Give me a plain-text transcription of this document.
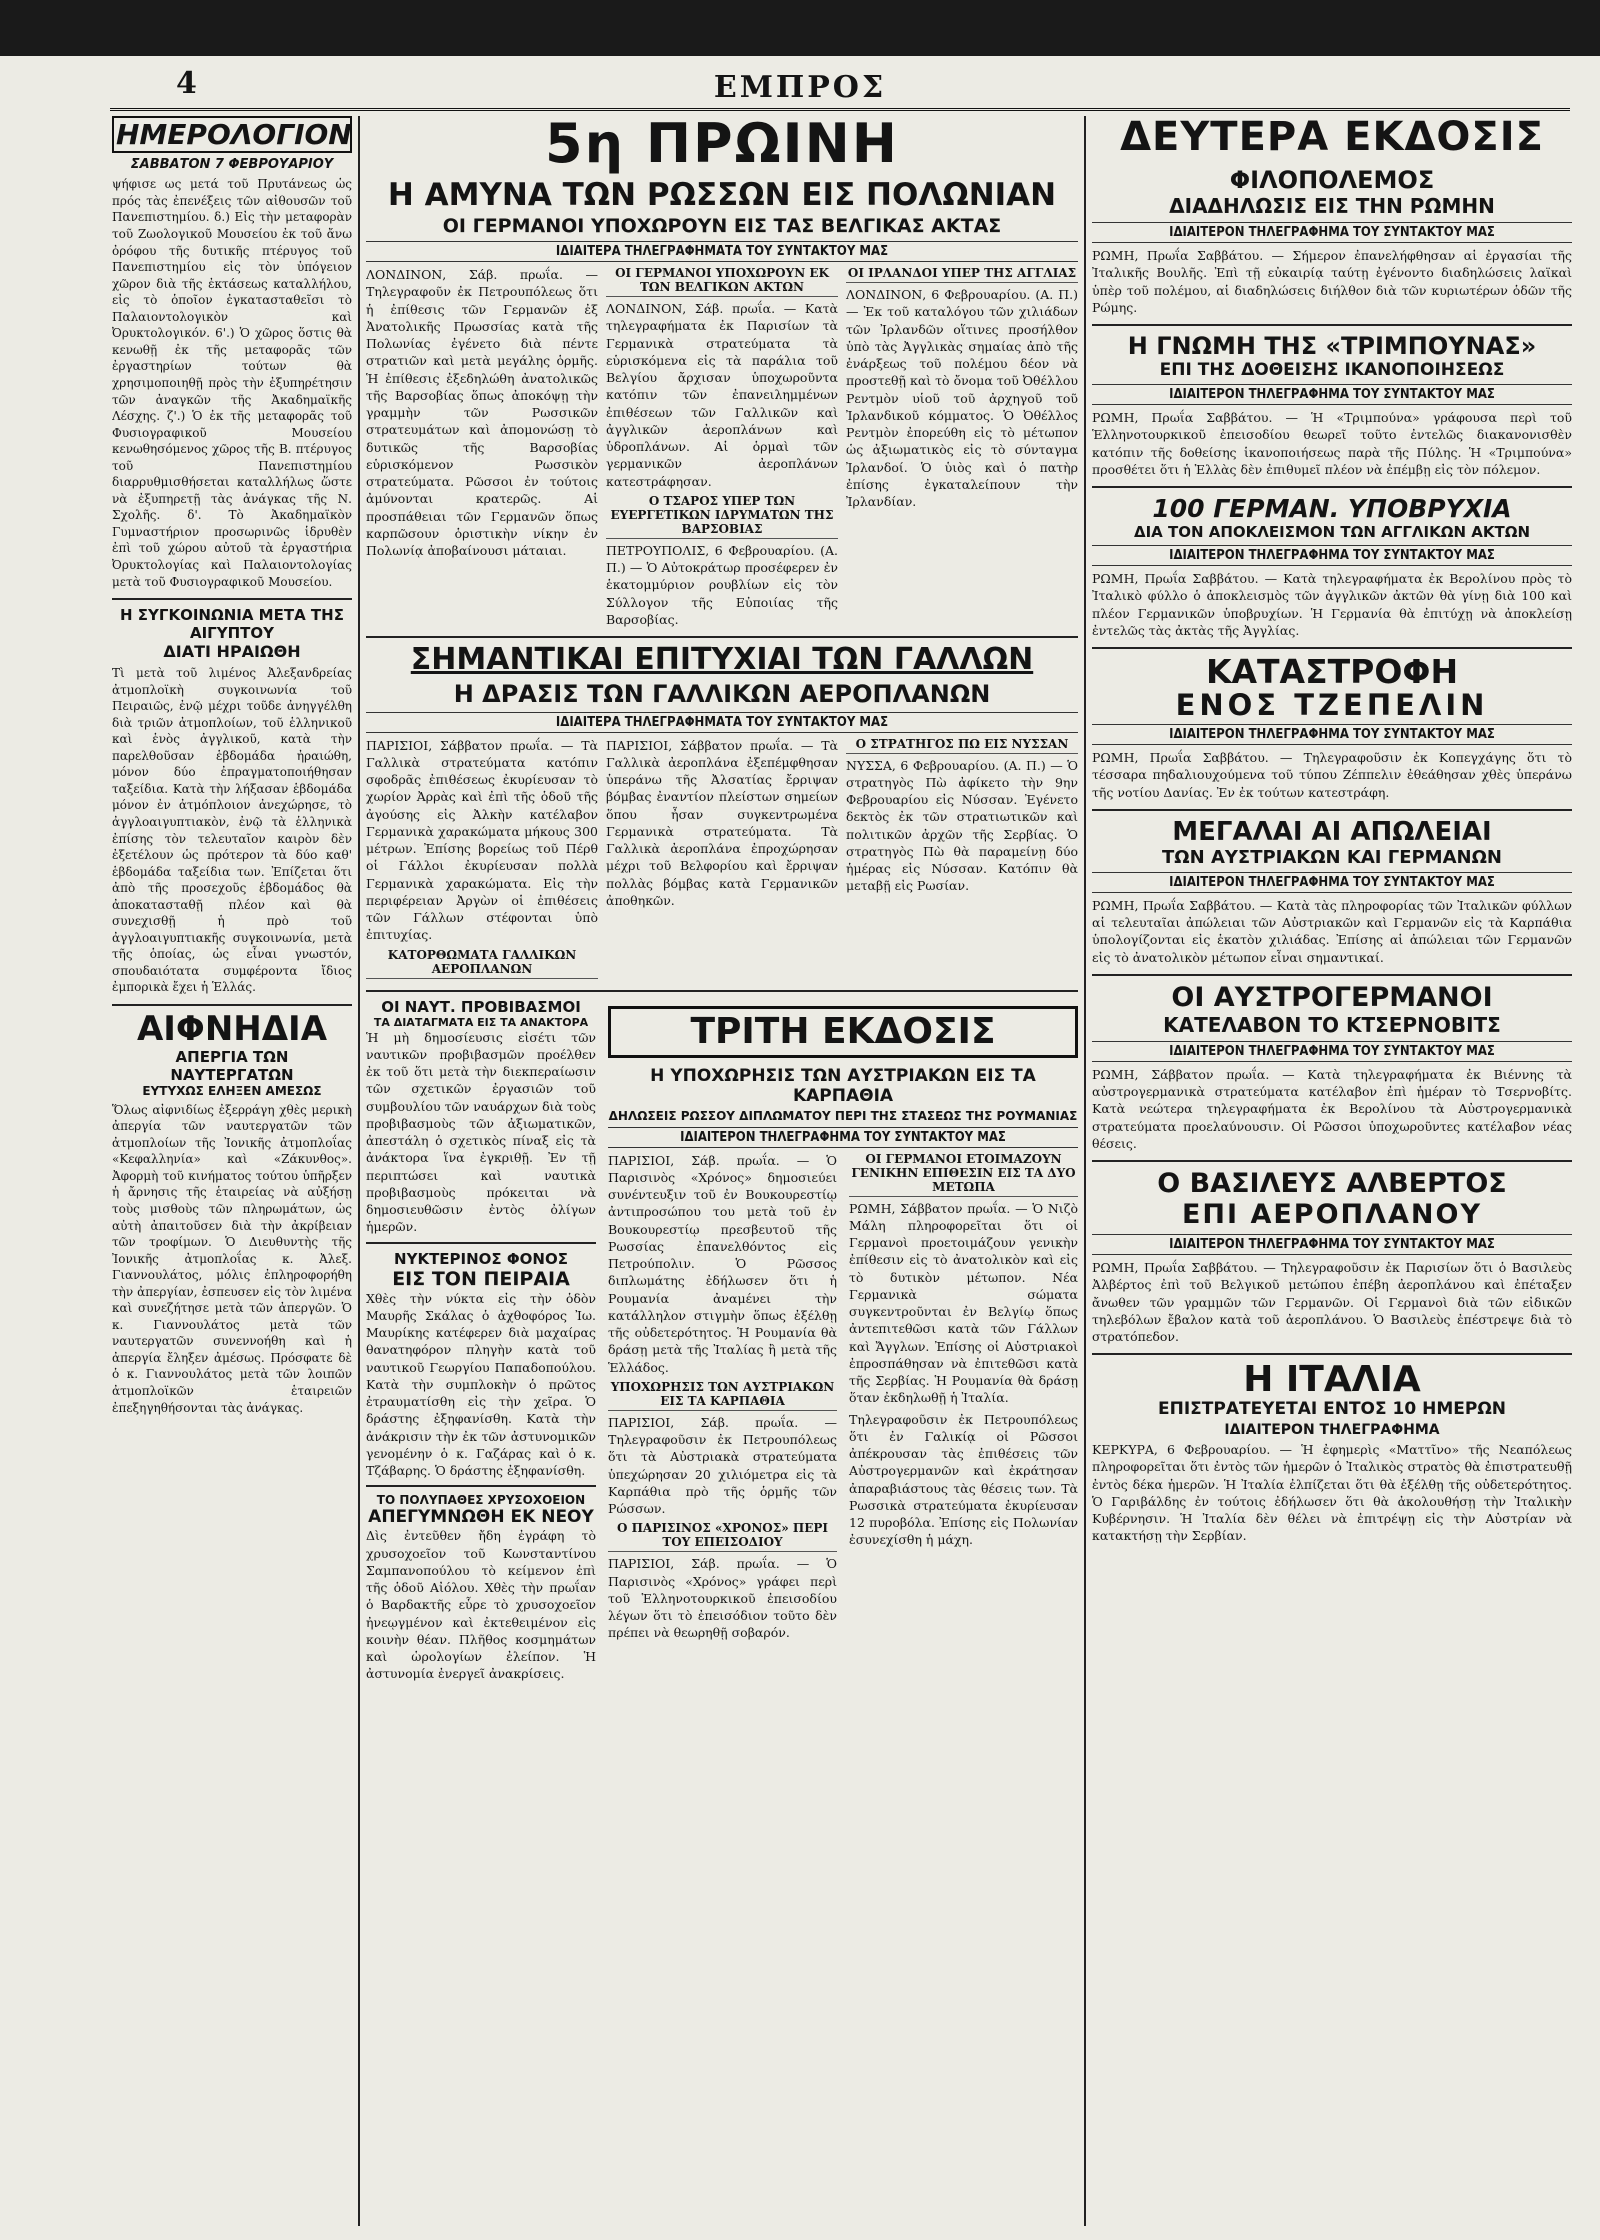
4	ΕΜΠΡΟΣ
ΗΜΕΡΟΛΟΓΙΟΝ
ΣΑΒΒΑΤΟΝ 7 ΦΕΒΡΟΥΑΡΙΟΥ
ψήφισε ως μετά τοῦ Πρυτάνεως ὡς πρός τὰς ἐπενέξεις τῶν αἰθουσῶν τοῦ Πανεπιστημίου. δ.) Εἰς τὴν μεταφορὰν τοῦ Ζωολογικοῦ Μουσείου ἐκ τοῦ ἄνω ὀρόφου τῆς δυτικῆς πτέρυγος τοῦ Πανεπιστημίου εἰς τὸν ὑπόγειον χῶρον διὰ τῆς ἐκτάσεως καταλλήλου, εἰς τὸ ὁποῖον ἐγκατασταθεῖσι τὸ Παλαιοντολογικὸν καὶ Ὀρυκτολογικόν. 6'.) Ὁ χῶρος ὅστις θὰ κενωθῇ ἐκ τῆς μεταφορᾶς τῶν ἐργαστηρίων τούτων θὰ χρησιμοποιηθῇ πρὸς τὴν ἐξυπηρέτησιν τῶν ἀναγκῶν τῆς Ἀκαδημαϊκῆς Λέσχης. ζ'.) Ὁ ἐκ τῆς μεταφορᾶς τοῦ Φυσιογραφικοῦ Μουσείου κενωθησόμενος χῶρος τῆς Β. πτέρυγος τοῦ Πανεπιστημίου διαρρυθμισθήσεται καταλλήλως ὥστε νὰ ἐξυπηρετῇ τὰς ἀνάγκας τῆς Ν. Σχολῆς. δ'. Τὸ Ἀκαδημαϊκὸν Γυμναστήριον προσωρινῶς ἱδρυθὲν ἐπὶ τοῦ χώρου αὐτοῦ τὰ ἐργαστήρια Ὀρυκτολογίας καὶ Παλαιοντολογίας μετὰ τοῦ Φυσιογραφικοῦ Μουσείου.
Η ΣΥΓΚΟΙΝΩΝΙΑ ΜΕΤΑ ΤΗΣ ΑΙΓΥΠΤΟΥ
ΔΙΑΤΙ ΗΡΑΙΩΘΗ
Τὶ μετὰ τοῦ λιμένος Ἀλεξανδρείας ἀτμοπλοϊκὴ συγκοινωνία τοῦ Πειραιῶς, ἐνῷ μέχρι τοῦδε ἀνηγγέλθη διὰ τριῶν ἀτμοπλοίων, τοῦ ἑλληνικοῦ καὶ ἑνὸς ἀγγλικοῦ, κατὰ τὴν παρελθοῦσαν ἑβδομάδα ἠραιώθη, μόνον δύο ἐπραγματοποιήθησαν ταξείδια. Κατὰ τὴν λήξασαν ἑβδομάδα μόνον ἐν ἀτμόπλοιον ἀνεχώρησε, τὸ ἀγγλοαιγυπτιακὸν, ἐνῷ τὰ ἑλληνικὰ ἐπίσης τὸν τελευταῖον καιρὸν δὲν ἐξετέλουν ὡς πρότερον τὰ δύο καθ' ἑβδομάδα ταξείδια των. Ἐπίζεται ὅτι ἀπὸ τῆς προσεχοῦς ἑβδομάδος θὰ ἀποκατασταθῇ πλέον καὶ θὰ συνεχισθῇ ἡ πρὸ τοῦ ἀγγλοαιγυπτιακῆς συγκοινωνία, μετὰ τῆς ὁποίας, ὡς εἶναι γνωστόν, σπουδαιότατα συμφέροντα ἴδιος ἐμπορικὰ ἔχει ἡ Ἑλλάς.
ΑΙΦΝΗΔΙΑ
ΑΠΕΡΓΙΑ ΤΩΝ ΝΑΥΤΕΡΓΑΤΩΝ
ΕΥΤΥΧΩΣ ΕΛΗΞΕΝ ΑΜΕΣΩΣ
Ὅλως αἰφνιδίως ἐξερράγη χθὲς μερικὴ ἀπεργία τῶν ναυτεργατῶν τῶν ἀτμοπλοίων τῆς Ἰονικῆς ἀτμοπλοΐας «Κεφαλληνία» καὶ «Ζάκυνθος». Ἀφορμὴ τοῦ κινήματος τούτου ὑπῆρξεν ἡ ἄρνησις τῆς ἑταιρείας νὰ αὐξήσῃ τοὺς μισθοὺς τῶν πληρωμάτων, ὡς αὐτὴ ἀπαιτοῦσεν διὰ τὴν ἀκρίβειαν τῶν τροφίμων. Ὁ Διευθυντὴς τῆς Ἰονικῆς ἀτμοπλοΐας κ. Ἀλεξ. Γιαννουλάτος, μόλις ἐπληροφορήθη τὴν ἀπεργίαν, ἐσπευσεν εἰς τὸν λιμένα καὶ συνεζήτησε μετὰ τῶν ἀπεργῶν. Ὁ κ. Γιαννουλάτος μετὰ τῶν ναυτεργατῶν συνεννοήθη καὶ ἡ ἀπεργία ἔληξεν ἀμέσως. Πρόσφατε δὲ ὁ κ. Γιαννουλάτος μετὰ τῶν λοιπῶν ἀτμοπλοϊκῶν ἑταιρειῶν ἐπεξηγηθήσονται τὰς ἀνάγκας.
5η ΠΡΩΙΝΗ
Η ΑΜΥΝΑ ΤΩΝ ΡΩΣΣΩΝ ΕΙΣ ΠΟΛΩΝΙΑΝ
ΟΙ ΓΕΡΜΑΝΟΙ ΥΠΟΧΩΡΟΥΝ ΕΙΣ ΤΑΣ ΒΕΛΓΙΚΑΣ ΑΚΤΑΣ
ΙΔΙΑΙΤΕΡΑ ΤΗΛΕΓΡΑΦΗΜΑΤΑ ΤΟΥ ΣΥΝΤΑΚΤΟΥ ΜΑΣ
ΛΟΝΔΙΝΟΝ, Σάβ. πρωΐα. — Τηλεγραφοῦν ἐκ Πετρουπόλεως ὅτι ἡ ἐπίθεσις τῶν Γερμανῶν ἐξ Ἀνατολικῆς Πρωσσίας κατὰ τῆς Πολωνίας ἐγένετο διὰ πέντε στρατιῶν καὶ μετὰ μεγάλης ὁρμῆς. Ἡ ἐπίθεσις ἐξεδηλώθη ἀνατολικῶς τῆς Βαρσοβίας ὅπως ἀποκόψῃ τὴν γραμμὴν τῶν Ρωσσικῶν στρατευμάτων καὶ ἀπομονώσῃ τὸ δυτικῶς τῆς Βαρσοβίας εὑρισκόμενον Ρωσσικὸν στρατεύματα. Ρῶσσοι ἐν τούτοις ἀμύνονται κρατερῶς. Αἱ προσπάθειαι τῶν Γερμανῶν ὅπως καρπῶσουν ὁριστικὴν νίκην ἐν Πολωνίᾳ ἀποβαίνουσι μάταιαι.
ΟΙ ΓΕΡΜΑΝΟΙ ΥΠΟΧΩΡΟΥΝ ΕΚ ΤΩΝ ΒΕΛΓΙΚΩΝ ΑΚΤΩΝ
ΛΟΝΔΙΝΟΝ, Σάβ. πρωΐα. — Κατὰ τηλεγραφήματα ἐκ Παρισίων τὰ Γερμανικὰ στρατεύματα τὰ εὑρισκόμενα εἰς τὰ παράλια τοῦ Βελγίου ἄρχισαν ὑποχωροῦντα κατόπιν τῶν ἐπανειλημμένων ἐπιθέσεων τῶν Γαλλικῶν καὶ ἀγγλικῶν ἀεροπλάνων καὶ ὑδροπλάνων. Αἱ ὁρμαὶ τῶν γερμανικῶν ἀεροπλάνων κατεστράφησαν.
Ο ΤΣΑΡΟΣ ΥΠΕΡ ΤΩΝ ΕΥΕΡΓΕΤΙΚΩΝ ΙΔΡΥΜΑΤΩΝ ΤΗΣ ΒΑΡΣΟΒΙΑΣ
ΠΕΤΡΟΥΠΟΛΙΣ, 6 Φεβρουαρίου. (Α. Π.) — Ὁ Αὐτοκράτωρ προσέφερεν ἐν ἑκατομμύριον ρουβλίων εἰς τὸν Σύλλογον τῆς Εὐποιίας τῆς Βαρσοβίας.
ΟΙ ΙΡΛΑΝΔΟΙ ΥΠΕΡ ΤΗΣ ΑΓΓΛΙΑΣ
ΛΟΝΔΙΝΟΝ, 6 Φεβρουαρίου. (Α. Π.) — Ἐκ τοῦ καταλόγου τῶν χιλιάδων τῶν Ἰρλανδῶν οἵτινες προσήλθον ὑπὸ τὰς Ἀγγλικὰς σημαίας ἀπὸ τῆς ἐνάρξεως τοῦ πολέμου δέον νὰ προστεθῇ καὶ τὸ ὄνομα τοῦ Ὀθέλλου Ρεντμὸν υἱοῦ τοῦ ἀρχηγοῦ τοῦ Ἰρλανδικοῦ κόμματος. Ὁ Ὀθέλλος Ρεντμὸν ἐπορεύθη εἰς τὸ μέτωπον ὡς ἀξιωματικὸς εἰς τὸ σύνταγμα Ἰρλανδοί. Ὁ ὑιὸς καὶ ὁ πατὴρ ἐπίσης ἐγκαταλείπουν τὴν Ἰρλανδίαν.
ΣΗΜΑΝΤΙΚΑΙ ΕΠΙΤΥΧΙΑΙ ΤΩΝ ΓΑΛΛΩΝ
Η ΔΡΑΣΙΣ ΤΩΝ ΓΑΛΛΙΚΩΝ ΑΕΡΟΠΛΑΝΩΝ
ΙΔΙΑΙΤΕΡΑ ΤΗΛΕΓΡΑΦΗΜΑΤΑ ΤΟΥ ΣΥΝΤΑΚΤΟΥ ΜΑΣ
ΠΑΡΙΣΙΟΙ, Σάββατον πρωΐα. — Τὰ Γαλλικὰ στρατεύματα κατόπιν σφοδρᾶς ἐπιθέσεως ἐκυρίευσαν τὸ χωρίον Ἀρρὰς καὶ ἐπὶ τῆς ὁδοῦ τῆς ἀγούσης εἰς Ἀλκὴν κατέλαβον Γερμανικὰ χαρακώματα μήκους 300 μέτρων. Ἐπίσης βορείως τοῦ Πέρθ οἱ Γάλλοι ἐκυρίευσαν πολλὰ Γερμανικὰ χαρακώματα. Εἰς τὴν περιφέρειαν Ἀργὼν οἱ ἐπιθέσεις τῶν Γάλλων στέφονται ὑπὸ ἐπιτυχίας.
ΚΑΤΟΡΘΩΜΑΤΑ ΓΑΛΛΙΚΩΝ ΑΕΡΟΠΛΑΝΩΝ
ΠΑΡΙΣΙΟΙ, Σάββατον πρωΐα. — Τὰ Γαλλικὰ ἀεροπλάνα ἐξεπέμφθησαν ὑπεράνω τῆς Ἀλσατίας ἔρριψαν βόμβας ἐναντίον πλείστων σημείων ὅπου ἦσαν συγκεντρωμένα Γερμανικὰ στρατεύματα. Τὰ Γαλλικὰ ἀεροπλάνα ἐπροχώρησαν μέχρι τοῦ Βελφορίου καὶ ἔρριψαν πολλὰς βόμβας κατὰ Γερμανικῶν ἀποθηκῶν.
Ο ΣΤΡΑΤΗΓΟΣ ΠΩ ΕΙΣ ΝΥΣΣΑΝ
ΝΥΣΣΑ, 6 Φεβρουαρίου. (Α. Π.) — Ὁ στρατηγὸς Πὼ ἀφίκετο τὴν 9ην Φεβρουαρίου εἰς Νύσσαν. Ἐγένετο δεκτὸς ἐκ τῶν στρατιωτικῶν καὶ πολιτικῶν ἀρχῶν τῆς Σερβίας. Ὁ στρατηγὸς Πὼ θὰ παραμείνῃ δύο ἡμέρας εἰς Νύσσαν. Κατόπιν θὰ μεταβῇ εἰς Ρωσίαν.
ΟΙ ΝΑΥΤ. ΠΡΟΒΙΒΑΣΜΟΙ
ΤΑ ΔΙΑΤΑΓΜΑΤΑ ΕΙΣ ΤΑ ΑΝΑΚΤΟΡΑ
Ἡ μὴ δημοσίευσις εἰσέτι τῶν ναυτικῶν προβιβασμῶν προέλθεν ἐκ τοῦ ὅτι μετὰ τὴν διεκπεραίωσιν τῶν σχετικῶν ἐργασιῶν τοῦ συμβουλίου τῶν ναυάρχων διὰ τοὺς προβιβασμοὺς τῶν ἀξιωματικῶν, ἀπεστάλη ὁ σχετικὸς πίναξ εἰς τὰ ἀνάκτορα ἵνα ἐγκριθῇ. Ἐν τῇ περιπτώσει καὶ ναυτικὰ προβιβασμοὺς πρόκειται νὰ δημοσιευθῶσιν ἐντὸς ὀλίγων ἡμερῶν.
ΝΥΚΤΕΡΙΝΟΣ ΦΟΝΟΣ
ΕΙΣ ΤΟΝ ΠΕΙΡΑΙΑ
Χθὲς τὴν νύκτα εἰς τὴν ὁδὸν Μαυρῆς Σκάλας ὁ ἀχθοφόρος Ἰω. Μαυρίκης κατέφερεν διὰ μαχαίρας θανατηφόρον πληγὴν κατὰ τοῦ ναυτικοῦ Γεωργίου Παπαδοπούλου. Κατὰ τὴν συμπλοκὴν ὁ πρῶτος ἐτραυματίσθη εἰς τὴν χεῖρα. Ὁ δράστης ἐξηφανίσθη. Κατὰ τὴν ἀνάκρισιν τὴν ἐκ τῶν ἀστυνομικῶν γενομένην ὁ κ. Γαζάρας καὶ ὁ κ. Τζάβαρης. Ὁ δράστης ἐξηφανίσθη.
ΤΟ ΠΟΛΥΠΑΘΕΣ ΧΡΥΣΟΧΟΕΙΟΝ
ΑΠΕΓΥΜΝΩΘΗ ΕΚ ΝΕΟΥ
Δὶς ἐντεῦθεν ἤδη ἐγράφη τὸ χρυσοχοεῖον τοῦ Κωνσταντίνου Σαμπανοπούλου τὸ κείμενον ἐπὶ τῆς ὁδοῦ Αἰόλου. Χθὲς τὴν πρωΐαν ὁ Βαρδακτῆς εὗρε τὸ χρυσοχοεῖον ἠνεῳγμένον καὶ ἐκτεθειμένον εἰς κοινὴν θέαν. Πλῆθος κοσμημάτων καὶ ὡρολογίων ἐλείπον. Ἡ ἀστυνομία ἐνεργεῖ ἀνακρίσεις.
ΤΡΙΤΗ ΕΚΔΟΣΙΣ
Η ΥΠΟΧΩΡΗΣΙΣ ΤΩΝ ΑΥΣΤΡΙΑΚΩΝ ΕΙΣ ΤΑ ΚΑΡΠΑΘΙΑ
ΔΗΛΩΣΕΙΣ ΡΩΣΣΟΥ ΔΙΠΛΩΜΑΤΟΥ ΠΕΡΙ ΤΗΣ ΣΤΑΣΕΩΣ ΤΗΣ ΡΟΥΜΑΝΙΑΣ
ΙΔΙΑΙΤΕΡΟΝ ΤΗΛΕΓΡΑΦΗΜΑ ΤΟΥ ΣΥΝΤΑΚΤΟΥ ΜΑΣ
ΠΑΡΙΣΙΟΙ, Σάβ. πρωΐα. — Ὁ Παρισινὸς «Χρόνος» δημοσιεύει συνέντευξιν τοῦ ἐν Βουκουρεστίῳ ἀντιπροσώπου του μετὰ τοῦ ἐν Βουκουρεστίῳ πρεσβευτοῦ τῆς Ρωσσίας ἐπανελθόντος εἰς Πετρούπολιν. Ὁ Ρῶσσος διπλωμάτης ἐδήλωσεν ὅτι ἡ Ρουμανία ἀναμένει τὴν κατάλληλον στιγμὴν ὅπως ἐξέλθῃ τῆς οὐδετερότητος. Ἡ Ρουμανία θὰ δράσῃ μετὰ τῆς Ἰταλίας ἢ μετὰ τῆς Ἑλλάδος.
ΥΠΟΧΩΡΗΣΙΣ ΤΩΝ ΑΥΣΤΡΙΑΚΩΝ ΕΙΣ ΤΑ ΚΑΡΠΑΘΙΑ
ΠΑΡΙΣΙΟΙ, Σάβ. πρωΐα. — Τηλεγραφοῦσιν ἐκ Πετρουπόλεως ὅτι τὰ Αὐστριακὰ στρατεύματα ὑπεχώρησαν 20 χιλιόμετρα εἰς τὰ Καρπάθια πρὸ τῆς ὁρμῆς τῶν Ρώσσων.
Ο ΠΑΡΙΣΙΝΟΣ «ΧΡΟΝΟΣ» ΠΕΡΙ ΤΟΥ ΕΠΕΙΣΟΔΙΟΥ
ΠΑΡΙΣΙΟΙ, Σάβ. πρωΐα. — Ὁ Παρισινὸς «Χρόνος» γράφει περὶ τοῦ Ἑλληνοτουρκικοῦ ἐπεισοδίου λέγων ὅτι τὸ ἐπεισόδιον τοῦτο δὲν πρέπει νὰ θεωρηθῇ σοβαρόν.
ΟΙ ΓΕΡΜΑΝΟΙ ΕΤΟΙΜΑΖΟΥΝ ΓΕΝΙΚΗΝ ΕΠΙΘΕΣΙΝ ΕΙΣ ΤΑ ΔΥΟ ΜΕΤΩΠΑ
ΡΩΜΗ, Σάββατον πρωΐα. — Ὁ Νιζὸ Μάλη πληροφορεῖται ὅτι οἱ Γερμανοὶ προετοιμάζουν γενικὴν ἐπίθεσιν εἰς τὸ ἀνατολικὸν καὶ εἰς τὸ δυτικὸν μέτωπον. Νέα Γερμανικὰ σώματα συγκεντροῦνται ἐν Βελγίῳ ὅπως ἀντεπιτεθῶσι κατὰ τῶν Γάλλων καὶ Ἄγγλων. Ἐπίσης οἱ Αὐστριακοὶ ἐπροσπάθησαν νὰ ἐπιτεθῶσι κατὰ τῆς Σερβίας. Ἡ Ρουμανία θὰ δράσῃ ὅταν ἐκδηλωθῇ ἡ Ἰταλία.
Τηλεγραφοῦσιν ἐκ Πετρουπόλεως ὅτι ἐν Γαλικίᾳ οἱ Ρῶσσοι ἀπέκρουσαν τὰς ἐπιθέσεις τῶν Αὐστρογερμανῶν καὶ ἐκράτησαν ἀπαραβιάστους τὰς θέσεις των. Τὰ Ρωσσικὰ στρατεύματα ἐκυρίευσαν 12 πυροβόλα. Ἐπίσης εἰς Πολωνίαν ἐσυνεχίσθη ἡ μάχη.
ΔΕΥΤΕΡΑ ΕΚΔΟΣΙΣ
ΦΙΛΟΠΟΛΕΜΟΣ
ΔΙΑΔΗΛΩΣΙΣ ΕΙΣ ΤΗΝ ΡΩΜΗΝ
ΙΔΙΑΙΤΕΡΟΝ ΤΗΛΕΓΡΑΦΗΜΑ ΤΟΥ ΣΥΝΤΑΚΤΟΥ ΜΑΣ
ΡΩΜΗ, Πρωΐα Σαββάτου. — Σήμερον ἐπανελήφθησαν αἱ ἐργασίαι τῆς Ἰταλικῆς Βουλῆς. Ἐπὶ τῇ εὐκαιρίᾳ ταύτῃ ἐγένοντο διαδηλώσεις λαϊκαὶ ὑπὲρ τοῦ πολέμου, αἱ διαδηλώσεις διήλθον διὰ τῶν κυριωτέρων ὁδῶν τῆς Ρώμης.
Η ΓΝΩΜΗ ΤΗΣ «ΤΡΙΜΠΟΥΝΑΣ»
ΕΠΙ ΤΗΣ ΔΟΘΕΙΣΗΣ ΙΚΑΝΟΠΟΙΗΣΕΩΣ
ΙΔΙΑΙΤΕΡΟΝ ΤΗΛΕΓΡΑΦΗΜΑ ΤΟΥ ΣΥΝΤΑΚΤΟΥ ΜΑΣ
ΡΩΜΗ, Πρωΐα Σαββάτου. — Ἡ «Τριμπούνα» γράφουσα περὶ τοῦ Ἑλληνοτουρκικοῦ ἐπεισοδίου θεωρεῖ τοῦτο ἐντελῶς διακανονισθὲν κατόπιν τῆς δοθείσης ἱκανοποιήσεως παρὰ τῆς Πύλης. Ἡ «Τριμπούνα» προσθέτει ὅτι ἡ Ἑλλὰς δὲν ἐπιθυμεῖ πλέον νὰ ἐπέμβῃ εἰς τὸν πόλεμον.
100 ΓΕΡΜΑΝ. ΥΠΟΒΡΥΧΙΑ
ΔΙΑ ΤΟΝ ΑΠΟΚΛΕΙΣΜΟΝ ΤΩΝ ΑΓΓΛΙΚΩΝ ΑΚΤΩΝ
ΙΔΙΑΙΤΕΡΟΝ ΤΗΛΕΓΡΑΦΗΜΑ ΤΟΥ ΣΥΝΤΑΚΤΟΥ ΜΑΣ
ΡΩΜΗ, Πρωΐα Σαββάτου. — Κατὰ τηλεγραφήματα ἐκ Βερολίνου πρὸς τὸ Ἰταλικὸ φύλλο ὁ ἀποκλεισμὸς τῶν ἀγγλικῶν ἀκτῶν θὰ γίνῃ διὰ 100 καὶ πλέον Γερμανικῶν ὑποβρυχίων. Ἡ Γερμανία θὰ ἐπιτύχῃ νὰ ἀποκλείσῃ ἐντελῶς τὰς ἀκτὰς τῆς Ἀγγλίας.
ΚΑΤΑΣΤΡΟΦΗ
ΕΝΟΣ ΤΖΕΠΕΛΙΝ
ΙΔΙΑΙΤΕΡΟΝ ΤΗΛΕΓΡΑΦΗΜΑ ΤΟΥ ΣΥΝΤΑΚΤΟΥ ΜΑΣ
ΡΩΜΗ, Πρωΐα Σαββάτου. — Τηλεγραφοῦσιν ἐκ Κοπεγχάγης ὅτι τὸ τέσσαρα πηδαλιουχούμενα τοῦ τύπου Ζέππελιν ἐθεάθησαν χθὲς ὑπεράνω τῆς νοτίου Δανίας. Ἐν ἐκ τούτων κατεστράφη.
ΜΕΓΑΛΑΙ ΑΙ ΑΠΩΛΕΙΑΙ
ΤΩΝ ΑΥΣΤΡΙΑΚΩΝ ΚΑΙ ΓΕΡΜΑΝΩΝ
ΙΔΙΑΙΤΕΡΟΝ ΤΗΛΕΓΡΑΦΗΜΑ ΤΟΥ ΣΥΝΤΑΚΤΟΥ ΜΑΣ
ΡΩΜΗ, Πρωΐα Σαββάτου. — Κατὰ τὰς πληροφορίας τῶν Ἰταλικῶν φύλλων αἱ τελευταῖαι ἀπώλειαι τῶν Αὐστριακῶν καὶ Γερμανῶν εἰς τὰ Καρπάθια ὑπολογίζονται εἰς ἑκατὸν χιλιάδας. Ἐπίσης αἱ ἀπώλειαι τῶν Γερμανῶν εἰς τὸ ἀνατολικὸν μέτωπον εἶναι σημαντικαί.
ΟΙ ΑΥΣΤΡΟΓΕΡΜΑΝΟΙ
ΚΑΤΕΛΑΒΟΝ ΤΟ ΚΤΣΕΡΝΟΒΙΤΣ
ΙΔΙΑΙΤΕΡΟΝ ΤΗΛΕΓΡΑΦΗΜΑ ΤΟΥ ΣΥΝΤΑΚΤΟΥ ΜΑΣ
ΡΩΜΗ, Σάββατον πρωΐα. — Κατὰ τηλεγραφήματα ἐκ Βιέννης τὰ αὐστρογερμανικὰ στρατεύματα κατέλαβον ἐπὶ ἡμέραν τὸ Τσερνοβίτς. Κατὰ νεώτερα τηλεγραφήματα ἐκ Βερολίνου τὰ Αὐστρογερμανικὰ στρατεύματα προελαύνουσιν. Οἱ Ρῶσσοι ὑποχωροῦντες κατέλαβον νέας θέσεις.
Ο ΒΑΣΙΛΕΥΣ ΑΛΒΕΡΤΟΣ
ΕΠΙ ΑΕΡΟΠΛΑΝΟΥ
ΙΔΙΑΙΤΕΡΟΝ ΤΗΛΕΓΡΑΦΗΜΑ ΤΟΥ ΣΥΝΤΑΚΤΟΥ ΜΑΣ
ΡΩΜΗ, Πρωΐα Σαββάτου. — Τηλεγραφοῦσιν ἐκ Παρισίων ὅτι ὁ Βασιλεὺς Ἀλβέρτος ἐπὶ τοῦ Βελγικοῦ μετώπου ἐπέβη ἀεροπλάνου καὶ ἐπέταξεν ἄνωθεν τῶν γραμμῶν τῶν Γερμανῶν. Οἱ Γερμανοὶ διὰ τῶν εἰδικῶν τηλεβόλων ἔβαλον κατὰ τοῦ ἀεροπλάνου. Ὁ Βασιλεὺς ἐπέστρεψε διὰ τὸ στρατόπεδον.
Η ΙΤΑΛΙΑ
ΕΠΙΣΤΡΑΤΕΥΕΤΑΙ ΕΝΤΟΣ 10 ΗΜΕΡΩΝ
ΙΔΙΑΙΤΕΡΟΝ ΤΗΛΕΓΡΑΦΗΜΑ
ΚΕΡΚΥΡΑ, 6 Φεβρουαρίου. — Ἡ ἐφημερὶς «Ματτῖνο» τῆς Νεαπόλεως πληροφορεῖται ὅτι ἐντὸς τῶν ἡμερῶν ὁ Ἰταλικὸς στρατὸς θὰ ἐπιστρατευθῇ ἐντὸς δέκα ἡμερῶν. Ἡ Ἰταλία ἐλπίζεται ὅτι θὰ ἐξέλθῃ τῆς οὐδετερότητος. Ὁ Γαριβάλδης ἐν τούτοις ἐδήλωσεν ὅτι θὰ ἀκολουθήσῃ τὴν Ἰταλικὴν Κυβέρνησιν. Ἡ Ἰταλία δὲν θέλει νὰ ἐπιτρέψῃ εἰς τὴν Αὐστρίαν νὰ κατακτήσῃ τὴν Σερβίαν.
